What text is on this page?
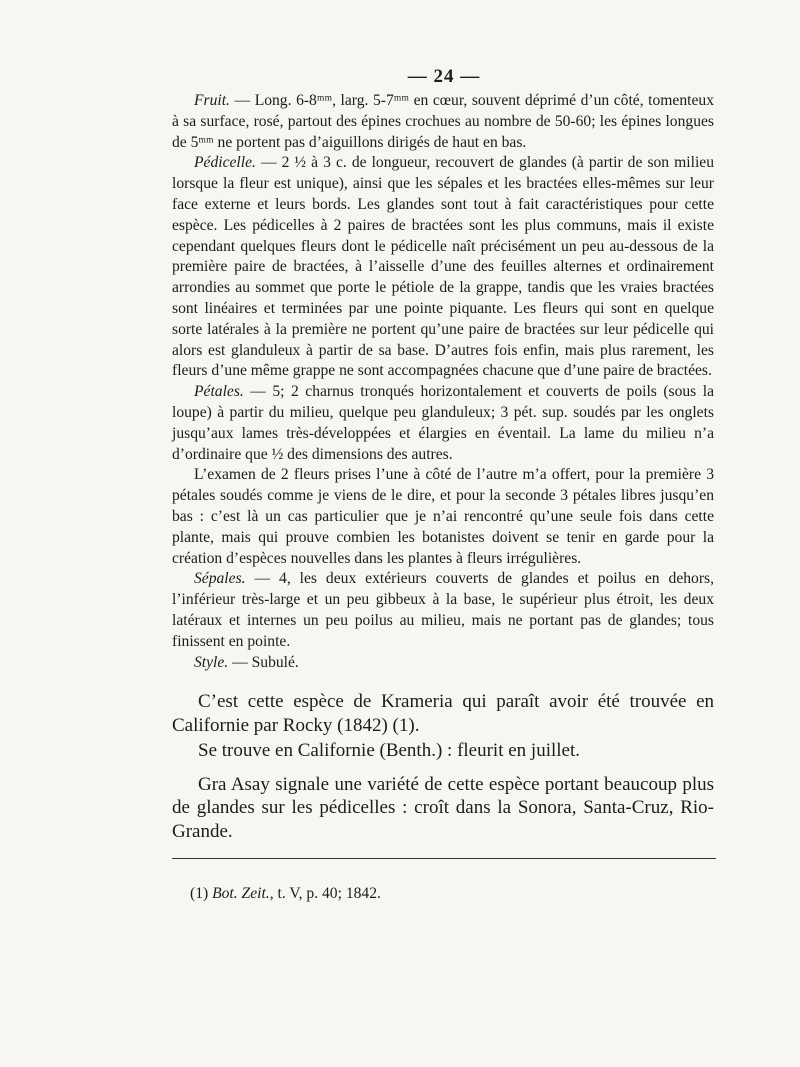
— 24 —

Fruit. — Long. 6-8ᵐᵐ, larg. 5-7ᵐᵐ en cœur, souvent déprimé d’un côté, tomenteux à sa surface, rosé, partout des épines crochues au nombre de 50-60; les épines longues de 5ᵐᵐ ne portent pas d’aiguillons dirigés de haut en bas.

Pédicelle. — 2 ½ à 3 c. de longueur, recouvert de glandes (à partir de son milieu lorsque la fleur est unique), ainsi que les sépales et les bractées elles-mêmes sur leur face externe et leurs bords. Les glandes sont tout à fait caractéristiques pour cette espèce. Les pédicelles à 2 paires de bractées sont les plus communs, mais il existe cependant quelques fleurs dont le pédicelle naît précisément un peu au-dessous de la première paire de bractées, à l’aisselle d’une des feuilles alternes et ordinairement arrondies au sommet que porte le pétiole de la grappe, tandis que les vraies bractées sont linéaires et terminées par une pointe piquante. Les fleurs qui sont en quelque sorte latérales à la première ne portent qu’une paire de bractées sur leur pédicelle qui alors est glanduleux à partir de sa base. D’autres fois enfin, mais plus rarement, les fleurs d’une même grappe ne sont accompagnées chacune que d’une paire de bractées.

Pétales. — 5; 2 charnus tronqués horizontalement et couverts de poils (sous la loupe) à partir du milieu, quelque peu glanduleux; 3 pét. sup. soudés par les onglets jusqu’aux lames très-développées et élargies en éventail. La lame du milieu n’a d’ordinaire que ½ des dimensions des autres.

L’examen de 2 fleurs prises l’une à côté de l’autre m’a offert, pour la première 3 pétales soudés comme je viens de le dire, et pour la seconde 3 pétales libres jusqu’en bas : c’est là un cas particulier que je n’ai rencontré qu’une seule fois dans cette plante, mais qui prouve combien les botanistes doivent se tenir en garde pour la création d’espèces nouvelles dans les plantes à fleurs irrégulières.

Sépales. — 4, les deux extérieurs couverts de glandes et poilus en dehors, l’inférieur très-large et un peu gibbeux à la base, le supérieur plus étroit, les deux latéraux et internes un peu poilus au milieu, mais ne portant pas de glandes; tous finissent en pointe.

Style. — Subulé.

C’est cette espèce de Krameria qui paraît avoir été trouvée en Californie par Rocky (1842) (1).

Se trouve en Californie (Benth.) : fleurit en juillet.

Gra Asay signale une variété de cette espèce portant beaucoup plus de glandes sur les pédicelles : croît dans la Sonora, Santa-Cruz, Rio-Grande.

(1) Bot. Zeit., t. V, p. 40; 1842.
